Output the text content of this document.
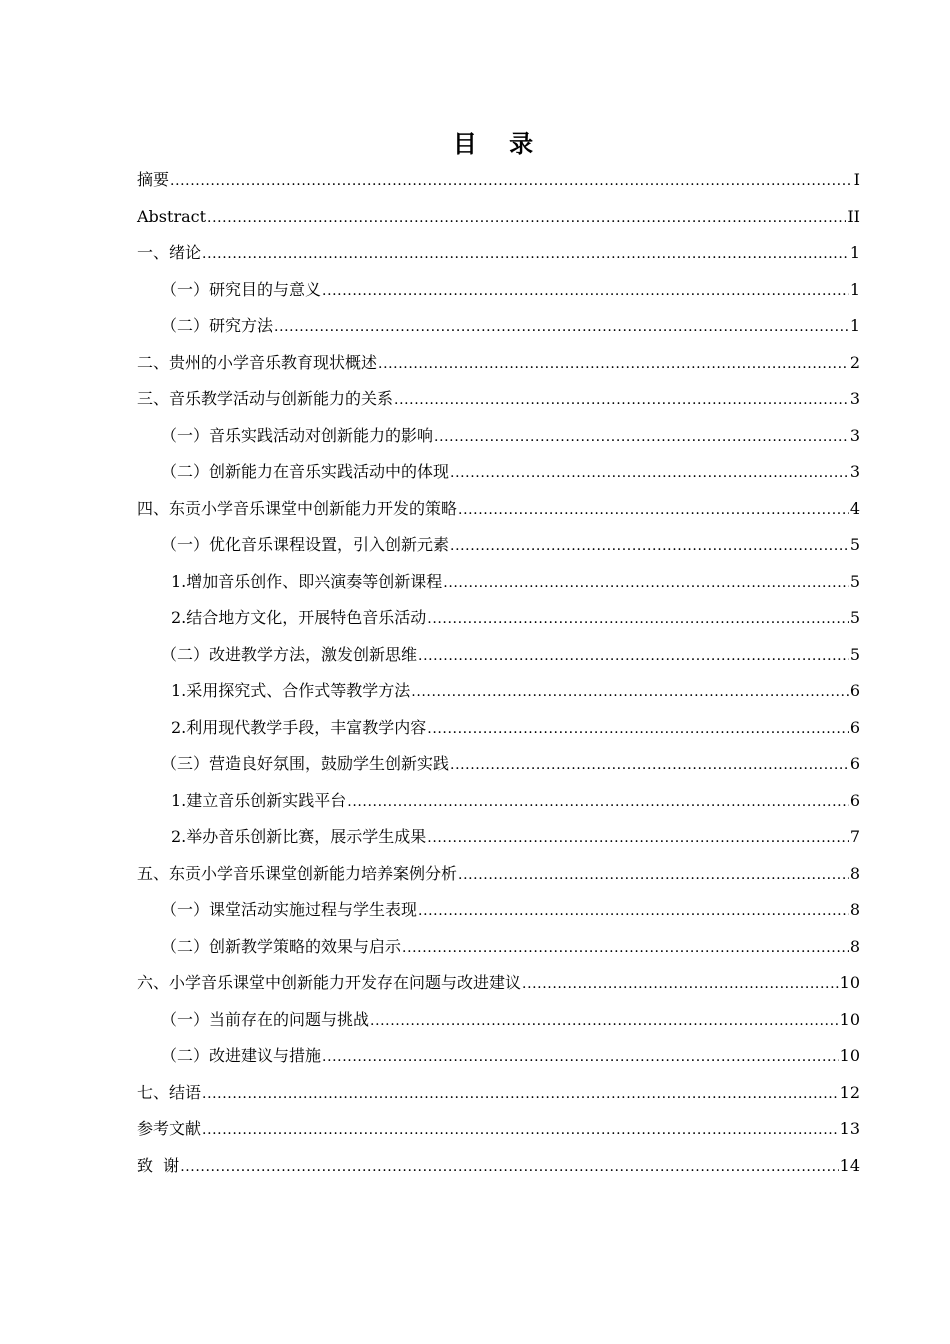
目 录
摘要 .....	I
Abstract .....	II
一、绪论 .....	1
（一）研究目的与意义 .....	1
（二）研究方法 .....	1
二、贵州的小学音乐教育现状概述 .....	2
三、音乐教学活动与创新能力的关系 .....	3
（一）音乐实践活动对创新能力的影响 .....	3
（二）创新能力在音乐实践活动中的体现 .....	3
四、东贡小学音乐课堂中创新能力开发的策略 .....	4
（一）优化音乐课程设置，引入创新元素 .....	5
1.增加音乐创作、即兴演奏等创新课程 .....	5
2.结合地方文化，开展特色音乐活动 .....	5
（二）改进教学方法，激发创新思维 .....	5
1.采用探究式、合作式等教学方法 .....	6
2.利用现代教学手段，丰富教学内容 .....	6
（三）营造良好氛围，鼓励学生创新实践 .....	6
1.建立音乐创新实践平台 .....	6
2.举办音乐创新比赛，展示学生成果 .....	7
五、东贡小学音乐课堂创新能力培养案例分析 .....	8
（一）课堂活动实施过程与学生表现 .....	8
（二）创新教学策略的效果与启示 .....	8
六、小学音乐课堂中创新能力开发存在问题与改进建议 .....	10
（一）当前存在的问题与挑战 .....	10
（二）改进建议与措施 .....	10
七、结语 .....	12
参考文献 .....	13
致  谢 .....	14
